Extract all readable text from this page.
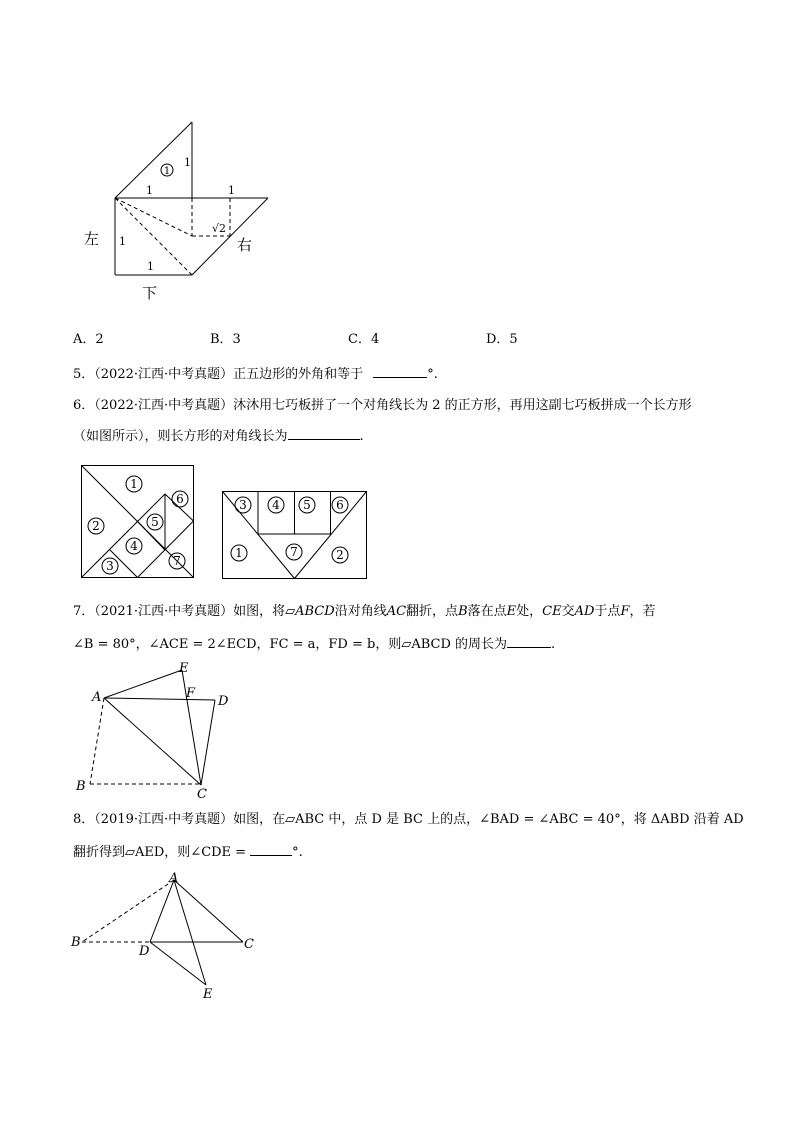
1
1
1	1
1
1
√2
左	右
下
A．2	B．3	C．4	D．5
5．（2022·江西·中考真题）正五边形的外角和等于	°.
6．（2022·江西·中考真题）沐沐用七巧板拼了一个对角线长为 2 的正方形，再用这副七巧板拼成一个长方形
（如图所示），则长方形的对角线长为	.
1
2
3
4
5
6
7
3 4 5 6
1	7	2
7．（2021·江西·中考真题）如图，将▱ABCD沿对角线AC翻折，点B落在点E处，CE交AD于点F，若
∠B = 80°，∠ACE = 2∠ECD，FC = a，FD = b，则▱ABCD 的周长为	.
A
B
C
D
E
F
8．（2019·江西·中考真题）如图，在▱ABC 中，点 D 是 BC 上的点，∠BAD = ∠ABC = 40°，将 ΔABD 沿着 AD
翻折得到▱AED，则∠CDE =	°.
A
B	C
D
E
